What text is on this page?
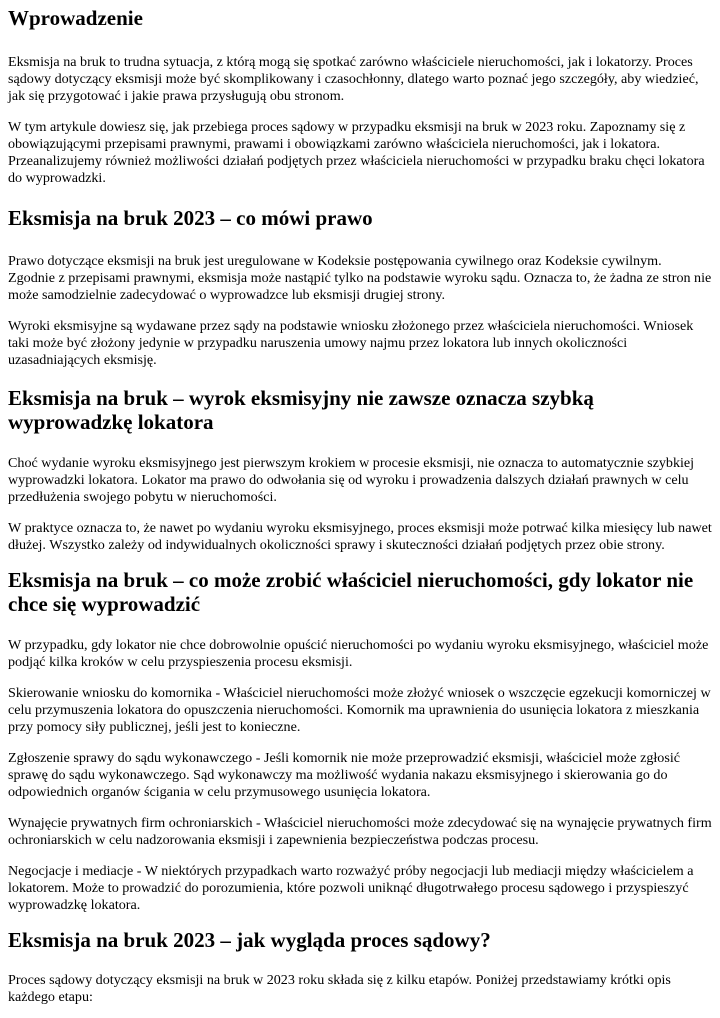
Wprowadzenie

Eksmisja na bruk to trudna sytuacja, z którą mogą się spotkać zarówno właściciele nieruchomości, jak i lokatorzy. Proces sądowy dotyczący eksmisji może być skomplikowany i czasochłonny, dlatego warto poznać jego szczegóły, aby wiedzieć, jak się przygotować i jakie prawa przysługują obu stronom.

W tym artykule dowiesz się, jak przebiega proces sądowy w przypadku eksmisji na bruk w 2023 roku. Zapoznamy się z obowiązującymi przepisami prawnymi, prawami i obowiązkami zarówno właściciela nieruchomości, jak i lokatora. Przeanalizujemy również możliwości działań podjętych przez właściciela nieruchomości w przypadku braku chęci lokatora do wyprowadzki.

Eksmisja na bruk 2023 – co mówi prawo

Prawo dotyczące eksmisji na bruk jest uregulowane w Kodeksie postępowania cywilnego oraz Kodeksie cywilnym. Zgodnie z przepisami prawnymi, eksmisja może nastąpić tylko na podstawie wyroku sądu. Oznacza to, że żadna ze stron nie może samodzielnie zadecydować o wyprowadzce lub eksmisji drugiej strony.

Wyroki eksmisyjne są wydawane przez sądy na podstawie wniosku złożonego przez właściciela nieruchomości. Wniosek taki może być złożony jedynie w przypadku naruszenia umowy najmu przez lokatora lub innych okoliczności uzasadniających eksmisję.

Eksmisja na bruk – wyrok eksmisyjny nie zawsze oznacza szybką wyprowadzkę lokatora

Choć wydanie wyroku eksmisyjnego jest pierwszym krokiem w procesie eksmisji, nie oznacza to automatycznie szybkiej wyprowadzki lokatora. Lokator ma prawo do odwołania się od wyroku i prowadzenia dalszych działań prawnych w celu przedłużenia swojego pobytu w nieruchomości.

W praktyce oznacza to, że nawet po wydaniu wyroku eksmisyjnego, proces eksmisji może potrwać kilka miesięcy lub nawet dłużej. Wszystko zależy od indywidualnych okoliczności sprawy i skuteczności działań podjętych przez obie strony.

Eksmisja na bruk – co może zrobić właściciel nieruchomości, gdy lokator nie chce się wyprowadzić

W przypadku, gdy lokator nie chce dobrowolnie opuścić nieruchomości po wydaniu wyroku eksmisyjnego, właściciel może podjąć kilka kroków w celu przyspieszenia procesu eksmisji.

Skierowanie wniosku do komornika - Właściciel nieruchomości może złożyć wniosek o wszczęcie egzekucji komorniczej w celu przymuszenia lokatora do opuszczenia nieruchomości. Komornik ma uprawnienia do usunięcia lokatora z mieszkania przy pomocy siły publicznej, jeśli jest to konieczne.

Zgłoszenie sprawy do sądu wykonawczego - Jeśli komornik nie może przeprowadzić eksmisji, właściciel może zgłosić sprawę do sądu wykonawczego. Sąd wykonawczy ma możliwość wydania nakazu eksmisyjnego i skierowania go do odpowiednich organów ścigania w celu przymusowego usunięcia lokatora.

Wynajęcie prywatnych firm ochroniarskich - Właściciel nieruchomości może zdecydować się na wynajęcie prywatnych firm ochroniarskich w celu nadzorowania eksmisji i zapewnienia bezpieczeństwa podczas procesu.

Negocjacje i mediacje - W niektórych przypadkach warto rozważyć próby negocjacji lub mediacji między właścicielem a lokatorem. Może to prowadzić do porozumienia, które pozwoli uniknąć długotrwałego procesu sądowego i przyspieszyć wyprowadzkę lokatora.

Eksmisja na bruk 2023 – jak wygląda proces sądowy?

Proces sądowy dotyczący eksmisji na bruk w 2023 roku składa się z kilku etapów. Poniżej przedstawiamy krótki opis każdego etapu:
